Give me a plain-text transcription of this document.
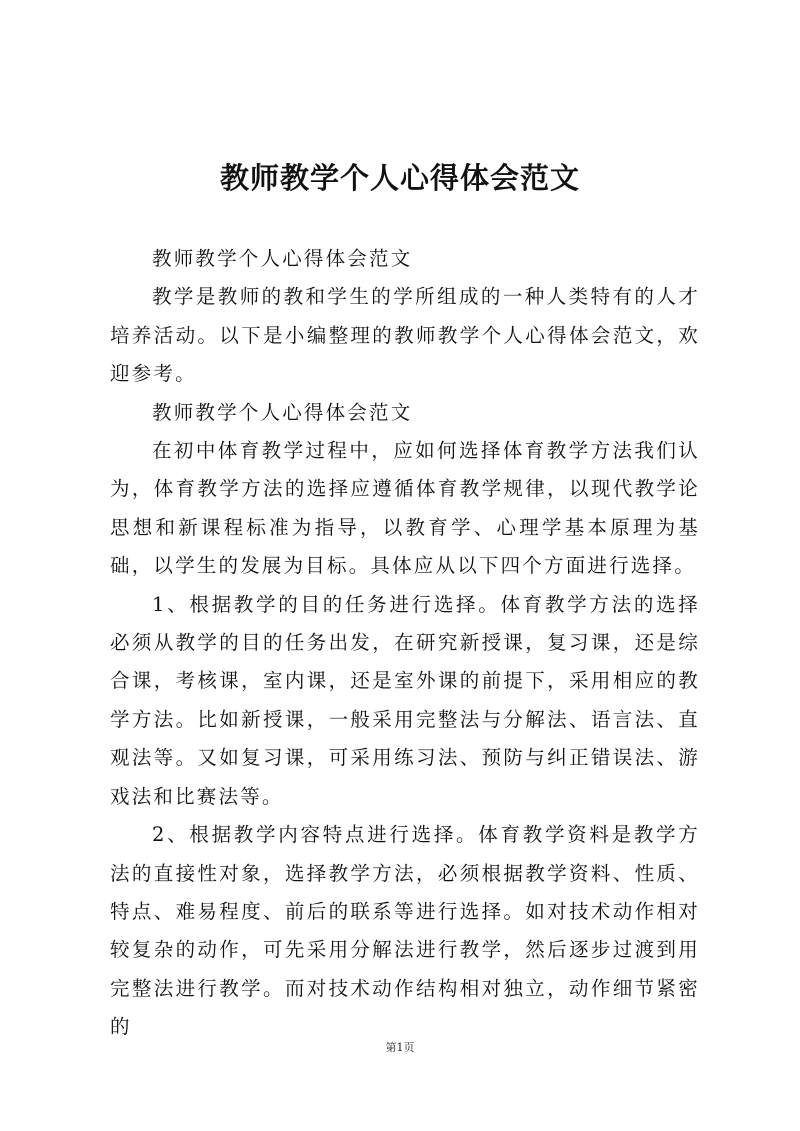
教师教学个人心得体会范文

教师教学个人心得体会范文

教学是教师的教和学生的学所组成的一种人类特有的人才培养活动。以下是小编整理的教师教学个人心得体会范文，欢迎参考。

教师教学个人心得体会范文

在初中体育教学过程中，应如何选择体育教学方法我们认为，体育教学方法的选择应遵循体育教学规律，以现代教学论思想和新课程标准为指导，以教育学、心理学基本原理为基础，以学生的发展为目标。具体应从以下四个方面进行选择。

1、根据教学的目的任务进行选择。体育教学方法的选择必须从教学的目的任务出发，在研究新授课，复习课，还是综合课，考核课，室内课，还是室外课的前提下，采用相应的教学方法。比如新授课，一般采用完整法与分解法、语言法、直观法等。又如复习课，可采用练习法、预防与纠正错误法、游戏法和比赛法等。

2、根据教学内容特点进行选择。体育教学资料是教学方法的直接性对象，选择教学方法，必须根据教学资料、性质、特点、难易程度、前后的联系等进行选择。如对技术动作相对较复杂的动作，可先采用分解法进行教学，然后逐步过渡到用完整法进行教学。而对技术动作结构相对独立，动作细节紧密的

第1页
